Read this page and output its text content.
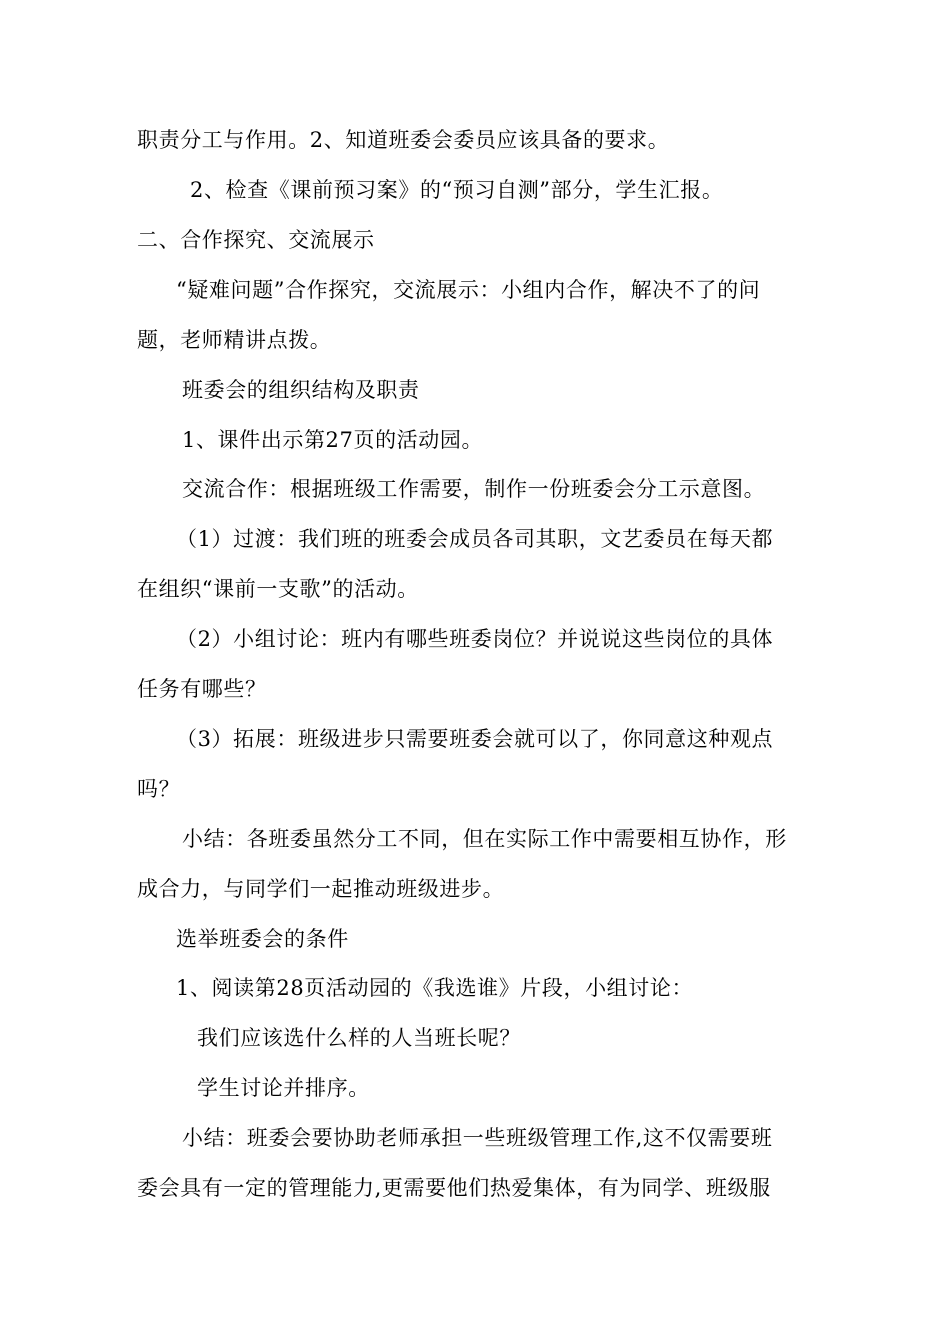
职责分工与作用。2、知道班委会委员应该具备的要求。
2、检查《课前预习案》的“预习自测”部分，学生汇报。
二、合作探究、交流展示
“疑难问题”合作探究，交流展示：小组内合作，解决不了的问
题，老师精讲点拨。
班委会的组织结构及职责
1、课件出示第27页的活动园。
交流合作：根据班级工作需要，制作一份班委会分工示意图。
（1）过渡：我们班的班委会成员各司其职，文艺委员在每天都
在组织“课前一支歌”的活动。
（2）小组讨论：班内有哪些班委岗位？并说说这些岗位的具体
任务有哪些？
（3）拓展：班级进步只需要班委会就可以了，你同意这种观点
吗？
小结：各班委虽然分工不同，但在实际工作中需要相互协作，形
成合力，与同学们一起推动班级进步。
选举班委会的条件
1、阅读第28页活动园的《我选谁》片段，小组讨论：
我们应该选什么样的人当班长呢？
学生讨论并排序。
小结：班委会要协助老师承担一些班级管理工作,这不仅需要班
委会具有一定的管理能力,更需要他们热爱集体，有为同学、班级服
